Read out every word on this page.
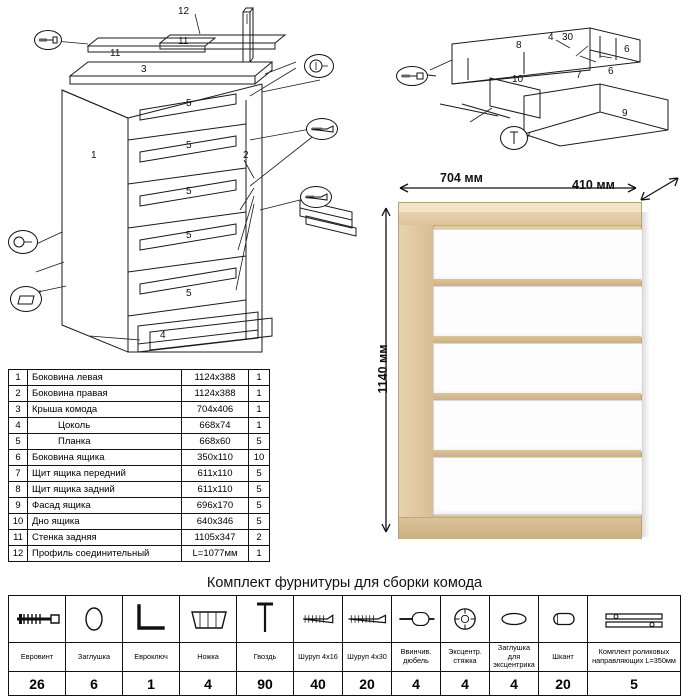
12
11
11
3
1	2
5
5
5
5
5
4
8
4 30
6
10	7	6
9
704 мм	410 мм
1140 мм
1	Боковина левая	1124х388	1
2	Боковина правая	1124х388	1
3	Крыша комода	704х406	1
4	Цоколь	668х74	1
5	Планка	668х60	5
6	Боковина ящика	350х110	10
7	Щит ящика передний	611х110	5
8	Щит ящика задний	611х110	5
9	Фасад ящика	696х170	5
10	Дно ящика	640х346	5
11	Стенка задняя	1105х347	2
12	Профиль соединительный	L=1077мм	1
Комплект фурнитуры для сборки комода

Евровинт	Заглушка	Евроключ	Ножка	Гвоздь	Шуруп 4х16	Шуруп 4х30	Ввинчив. дюбель	Эксцентр. стяжка	Заглушка для эксцентрика	Шкант	Комплект роликовых направляющих L=350мм
26	6	1	4	90	40	20	4	4	4	20	5
